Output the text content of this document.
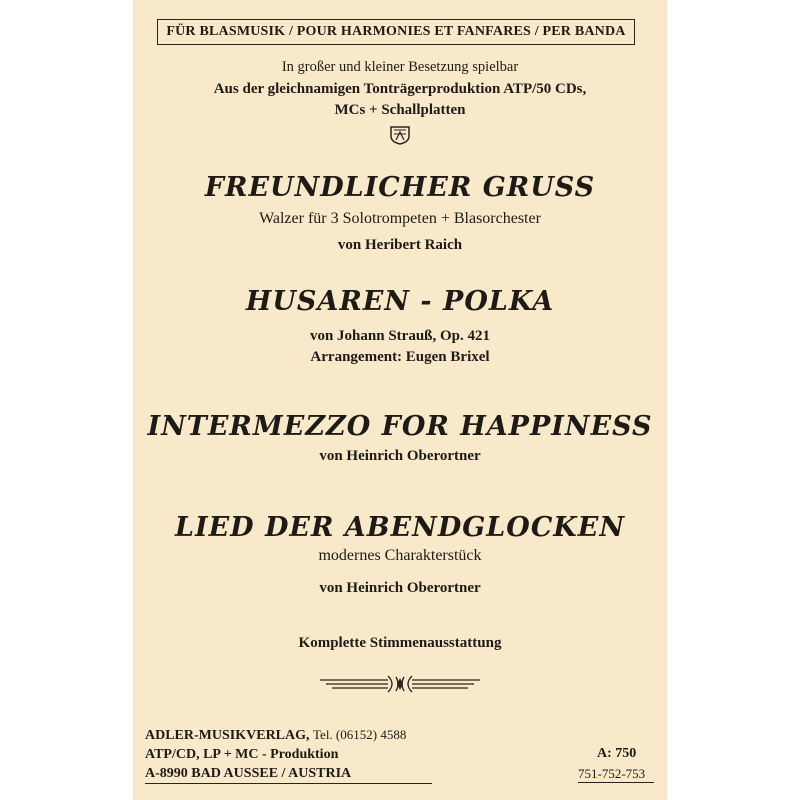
FÜR BLASMUSIK / POUR HARMONIES ET FANFARES / PER BANDA
In großer und kleiner Besetzung spielbar
Aus der gleichnamigen Tonträgerproduktion ATP/50 CDs,
MCs + Schallplatten
FREUNDLICHER GRUSS
Walzer für 3 Solotrompeten + Blasorchester
von Heribert Raich
HUSAREN - POLKA
von Johann Strauß, Op. 421
Arrangement: Eugen Brixel
INTERMEZZO FOR HAPPINESS
von Heinrich Oberortner
LIED DER ABENDGLOCKEN
modernes Charakterstück
von Heinrich Oberortner
Komplette Stimmenausstattung
ADLER-MUSIKVERLAG, Tel. (06152) 4588
ATP/CD, LP + MC - Produktion
A-8990 BAD AUSSEE / AUSTRIA
A: 750
751-752-753
